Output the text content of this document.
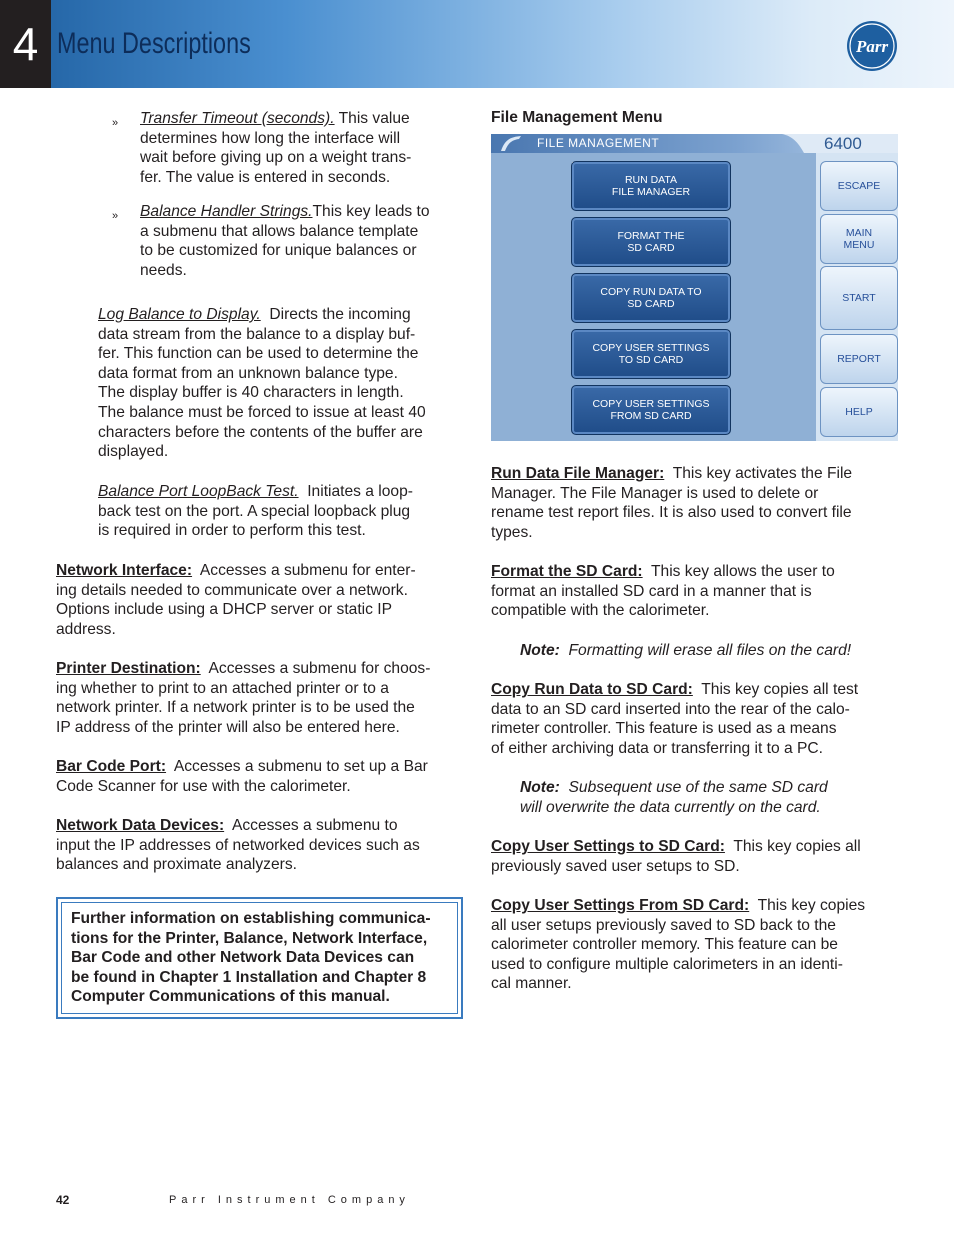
4 Menu Descriptions	Parr
» Transfer Timeout (seconds). This value
determines how long the interface will
wait before giving up on a weight trans-
fer. The value is entered in seconds.
» Balance Handler Strings.This key leads to
a submenu that allows balance template
to be customized for unique balances or
needs.
Log Balance to Display. Directs the incoming
data stream from the balance to a display buf-
fer. This function can be used to determine the
data format from an unknown balance type.
The display buffer is 40 characters in length.
The balance must be forced to issue at least 40
characters before the contents of the buffer are
displayed.
Balance Port LoopBack Test. Initiates a loop-
back test on the port. A special loopback plug
is required in order to perform this test.
Network Interface: Accesses a submenu for enter-
ing details needed to communicate over a network.
Options include using a DHCP server or static IP
address.
Printer Destination: Accesses a submenu for choos-
ing whether to print to an attached printer or to a
network printer. If a network printer is to be used the
IP address of the printer will also be entered here.
Bar Code Port: Accesses a submenu to set up a Bar
Code Scanner for use with the calorimeter.
Network Data Devices: Accesses a submenu to
input the IP addresses of networked devices such as
balances and proximate analyzers.
Further information on establishing communica-
tions for the Printer, Balance, Network Interface,
Bar Code and other Network Data Devices can
be found in Chapter 1 Installation and Chapter 8
Computer Communications of this manual.
File Management Menu
FILE MANAGEMENT	6400
RUN DATA
FILE MANAGER
FORMAT THE
SD CARD
COPY RUN DATA TO
SD CARD
COPY USER SETTINGS
TO SD CARD
COPY USER SETTINGS
FROM SD CARD
ESCAPE
MAIN
MENU
START
REPORT
HELP
Run Data File Manager: This key activates the File
Manager. The File Manager is used to delete or
rename test report files. It is also used to convert file
types.
Format the SD Card: This key allows the user to
format an installed SD card in a manner that is
compatible with the calorimeter.
Note: Formatting will erase all files on the card!
Copy Run Data to SD Card: This key copies all test
data to an SD card inserted into the rear of the calo-
rimeter controller. This feature is used as a means
of either archiving data or transferring it to a PC.
Note: Subsequent use of the same SD card
will overwrite the data currently on the card.
Copy User Settings to SD Card: This key copies all
previously saved user setups to SD.
Copy User Settings From SD Card: This key copies
all user setups previously saved to SD back to the
calorimeter controller memory. This feature can be
used to configure multiple calorimeters in an identi-
cal manner.
42	Parr Instrument Company
